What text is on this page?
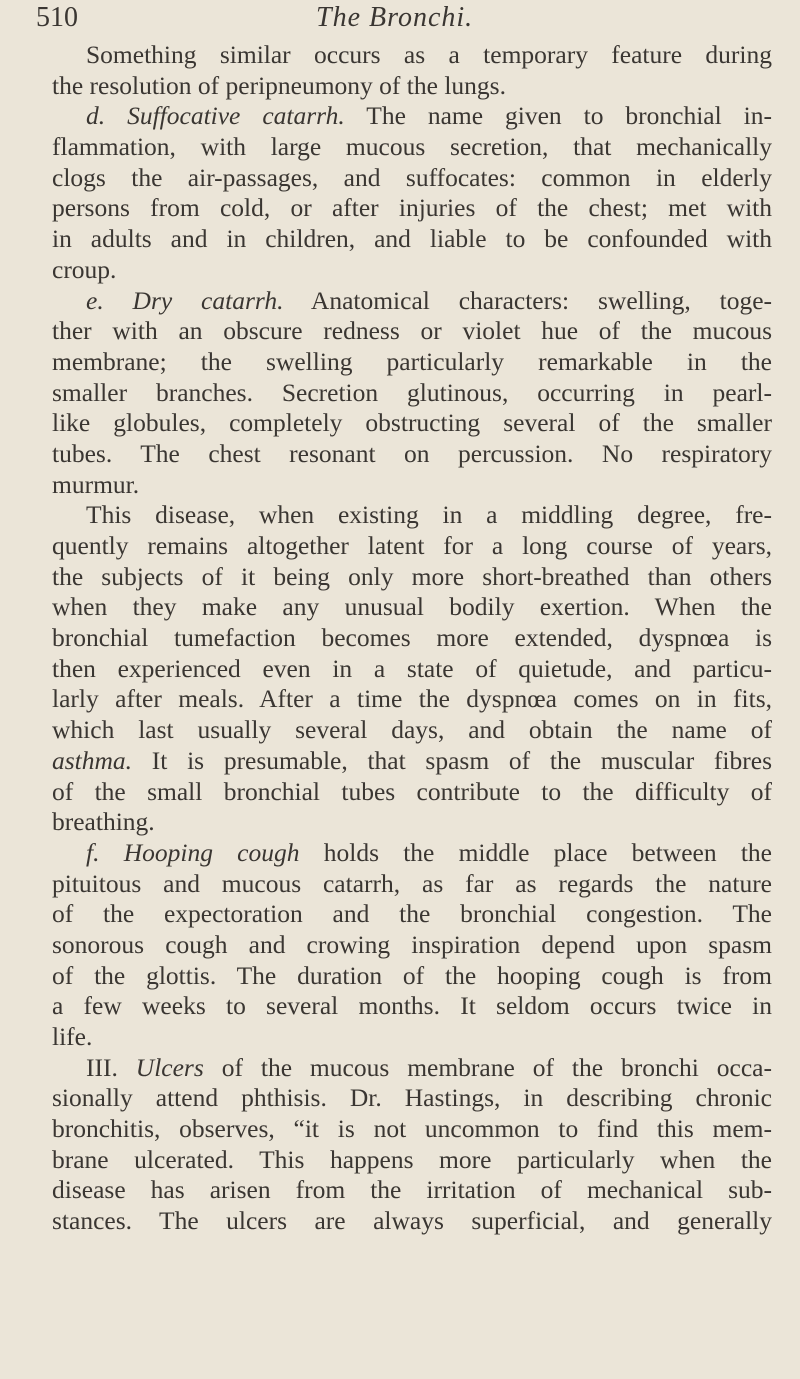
510	The Bronchi.
Something similar occurs as a temporary feature during
the resolution of peripneumony of the lungs.
d. Suffocative catarrh. The name given to bronchial in-
flammation, with large mucous secretion, that mechanically
clogs the air-passages, and suffocates: common in elderly
persons from cold, or after injuries of the chest; met with
in adults and in children, and liable to be confounded with
croup.
e. Dry catarrh. Anatomical characters: swelling, toge-
ther with an obscure redness or violet hue of the mucous
membrane; the swelling particularly remarkable in the
smaller branches. Secretion glutinous, occurring in pearl-
like globules, completely obstructing several of the smaller
tubes. The chest resonant on percussion. No respiratory
murmur.
This disease, when existing in a middling degree, fre-
quently remains altogether latent for a long course of years,
the subjects of it being only more short-breathed than others
when they make any unusual bodily exertion. When the
bronchial tumefaction becomes more extended, dyspnœa is
then experienced even in a state of quietude, and particu-
larly after meals. After a time the dyspnœa comes on in fits,
which last usually several days, and obtain the name of
asthma. It is presumable, that spasm of the muscular fibres
of the small bronchial tubes contribute to the difficulty of
breathing.
f. Hooping cough holds the middle place between the
pituitous and mucous catarrh, as far as regards the nature
of the expectoration and the bronchial congestion. The
sonorous cough and crowing inspiration depend upon spasm
of the glottis. The duration of the hooping cough is from
a few weeks to several months. It seldom occurs twice in
life.
III. Ulcers of the mucous membrane of the bronchi occa-
sionally attend phthisis. Dr. Hastings, in describing chronic
bronchitis, observes, “it is not uncommon to find this mem-
brane ulcerated. This happens more particularly when the
disease has arisen from the irritation of mechanical sub-
stances. The ulcers are always superficial, and generally
